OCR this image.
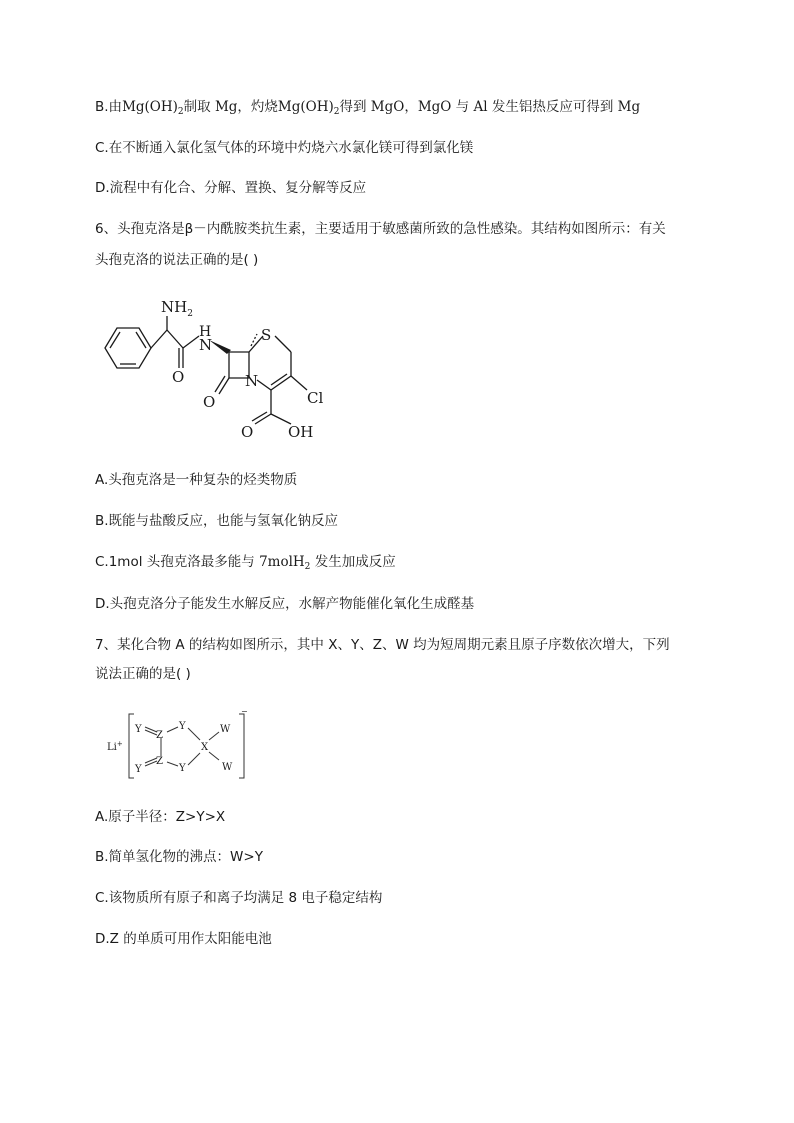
B.由$Mg(OH)_2$制取 Mg，灼烧$Mg(OH)_2$得到 MgO，MgO 与 Al 发生铝热反应可得到 Mg
C.在不断通入氯化氢气体的环境中灼烧六水氯化镁可得到氯化镁
D.流程中有化合、分解、置换、复分解等反应
6、头孢克洛是β－内酰胺类抗生素，主要适用于敏感菌所致的急性感染。其结构如图所示：有关
头孢克洛的说法正确的是( )
$NH_2$
H
N
S
N
O
O	Cl
O OH
A.头孢克洛是一种复杂的烃类物质
B.既能与盐酸反应，也能与氢氧化钠反应
C.1mol 头孢克洛最多能与 7molH$_2$ 发生加成反应
D.头孢克洛分子能发生水解反应，水解产物能催化氧化生成醛基
7、某化合物 A 的结构如图所示，其中 X、Y、Z、W 均为短周期元素且原子序数依次增大，下列
说法正确的是( )
Li+
Y
Z
Y
X
W
W
Y
Z
Y
−
A.原子半径：Z>Y>X
B.简单氢化物的沸点：W>Y
C.该物质所有原子和离子均满足 8 电子稳定结构
D.Z 的单质可用作太阳能电池
